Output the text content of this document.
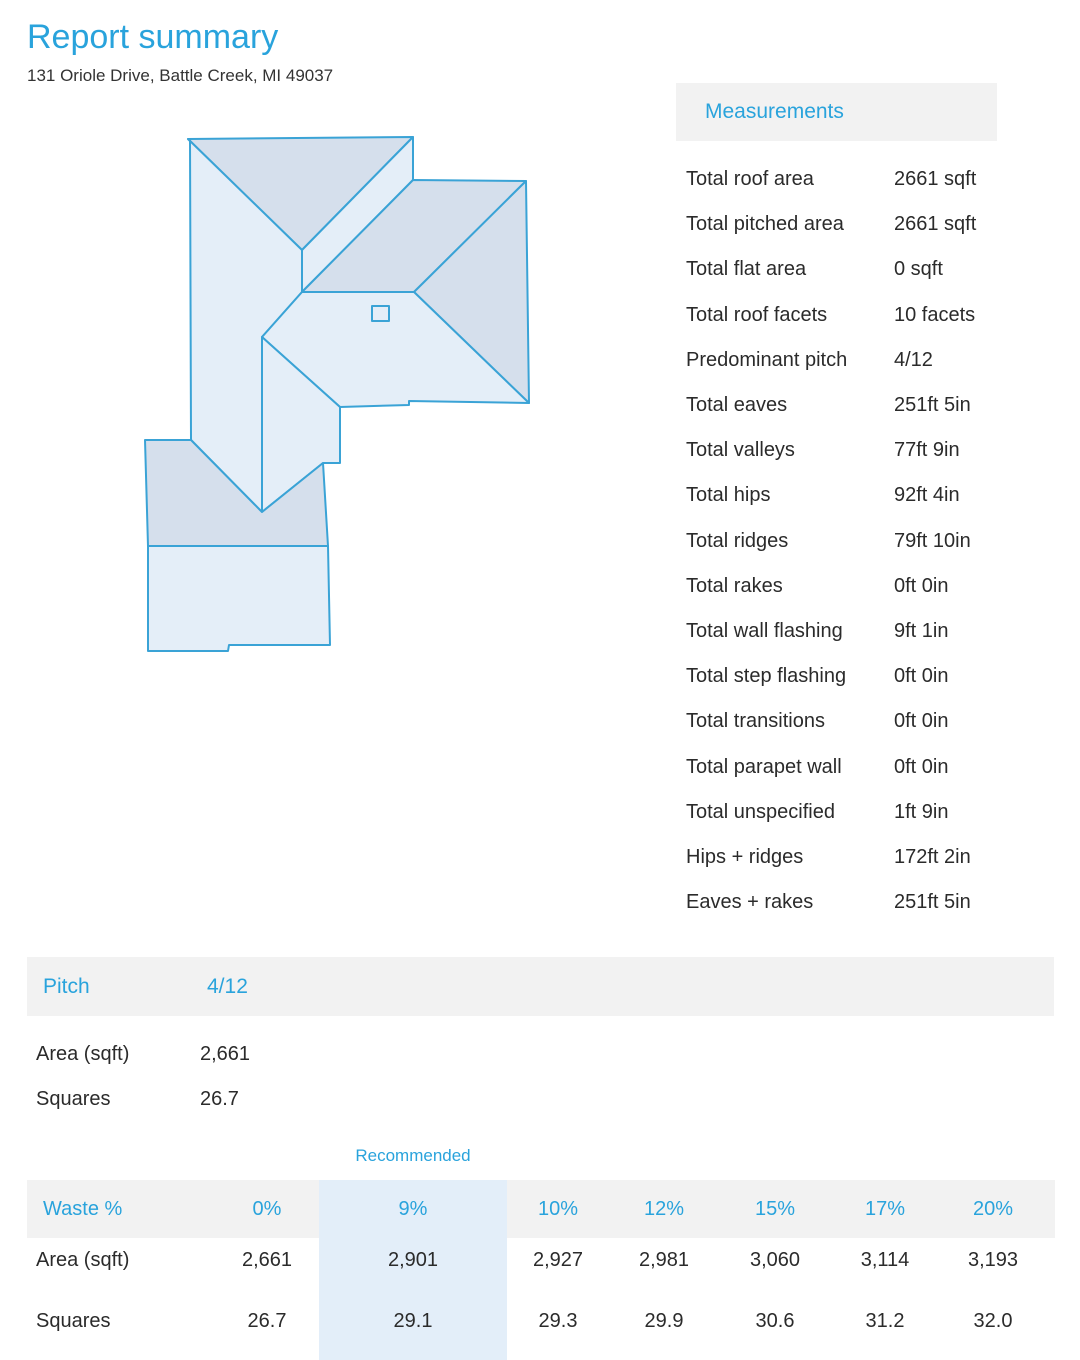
Report summary
131 Oriole Drive, Battle Creek, MI 49037
Measurements
Total roof area	2661 sqft
Total pitched area	2661 sqft
Total flat area	0 sqft
Total roof facets	10 facets
Predominant pitch	4/12
Total eaves	251ft 5in
Total valleys	77ft 9in
Total hips	92ft 4in
Total ridges	79ft 10in
Total rakes	0ft 0in
Total wall flashing	9ft 1in
Total step flashing	0ft 0in
Total transitions	0ft 0in
Total parapet wall	0ft 0in
Total unspecified	1ft 9in
Hips + ridges	172ft 2in
Eaves + rakes	251ft 5in
Pitch	4/12
Area (sqft)	2,661
Squares	26.7
Recommended
Waste %	0%	9%	10%	12%	15%	17%	20%
Area (sqft)	2,661	2,901	2,927	2,981	3,060	3,114	3,193
Squares	26.7	29.1	29.3	29.9	30.6	31.2	32.0
